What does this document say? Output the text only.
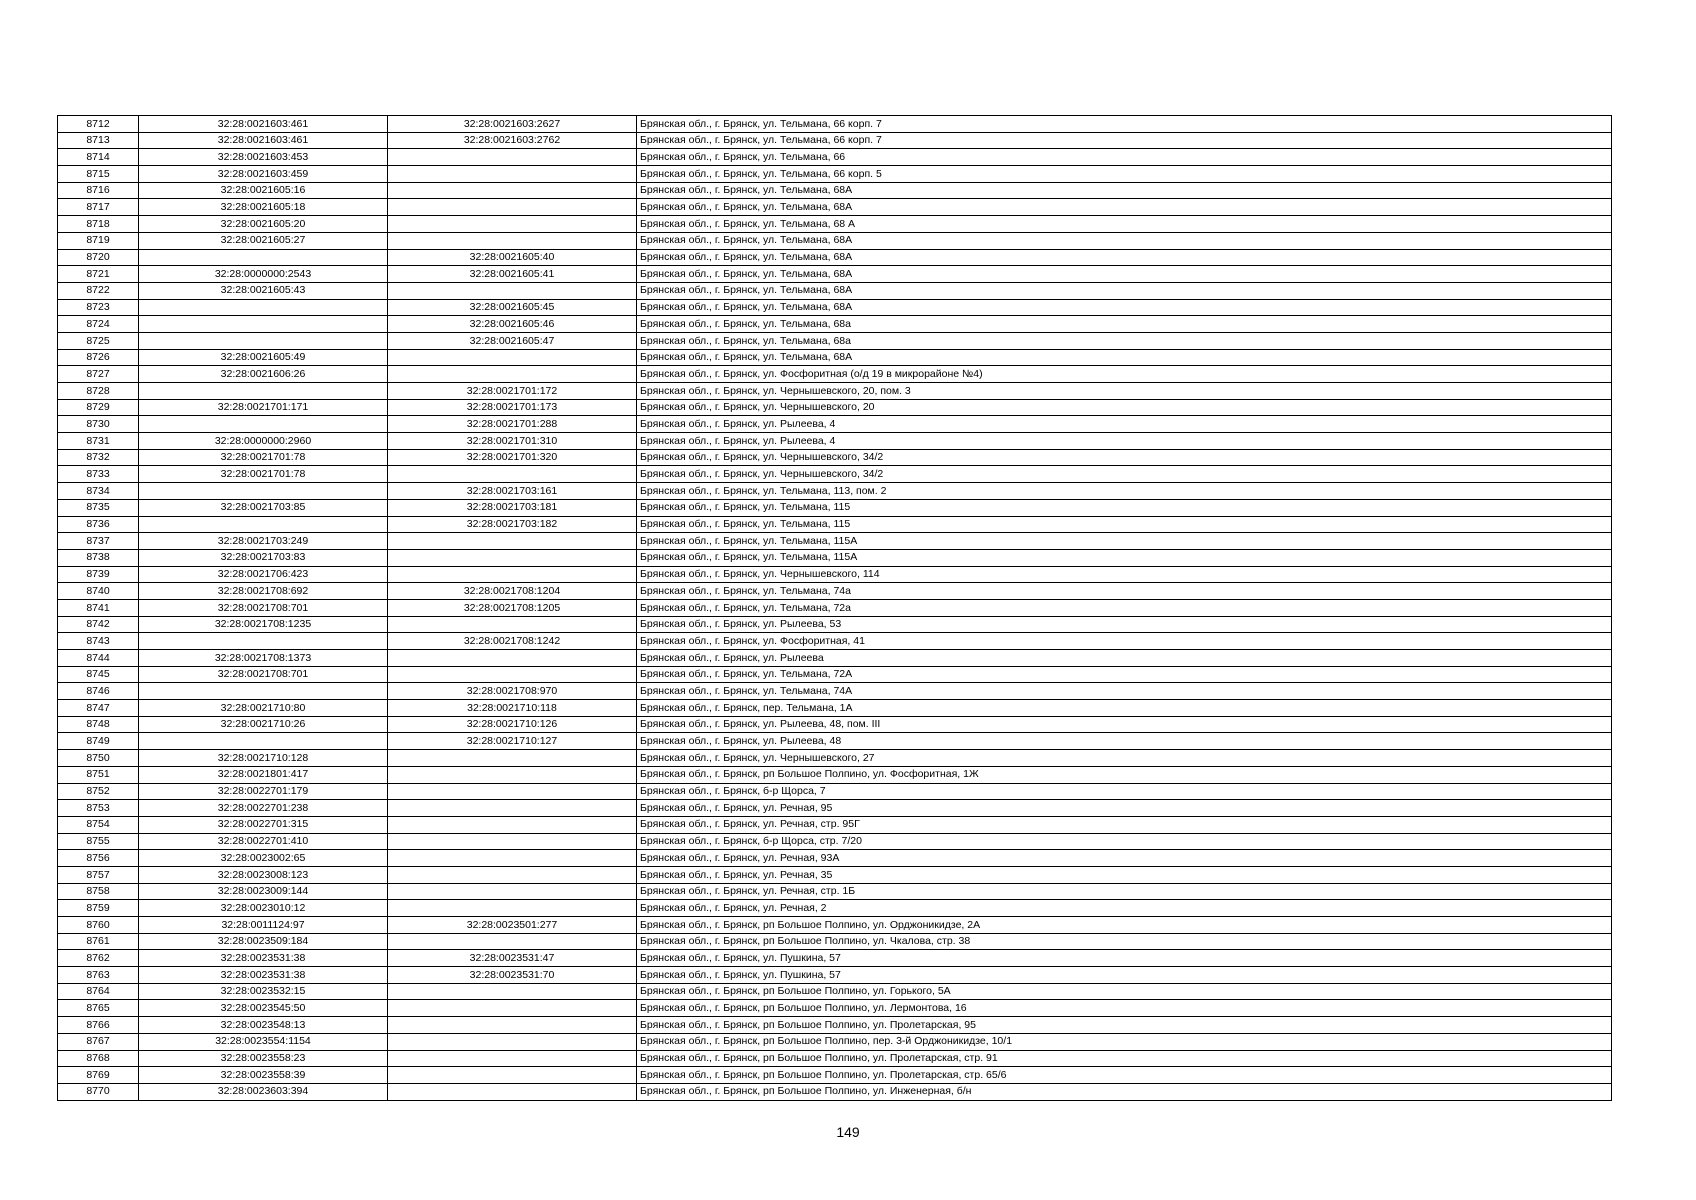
8712	32:28:0021603:461	32:28:0021603:2627	Брянская обл., г. Брянск, ул. Тельмана, 66 корп. 7
8713	32:28:0021603:461	32:28:0021603:2762	Брянская обл., г. Брянск, ул. Тельмана, 66 корп. 7
8714	32:28:0021603:453		Брянская обл., г. Брянск, ул. Тельмана, 66
8715	32:28:0021603:459		Брянская обл., г. Брянск, ул. Тельмана, 66 корп. 5
8716	32:28:0021605:16		Брянская обл., г. Брянск, ул. Тельмана, 68А
8717	32:28:0021605:18		Брянская обл., г. Брянск, ул. Тельмана, 68А
8718	32:28:0021605:20		Брянская обл., г. Брянск, ул. Тельмана, 68 А
8719	32:28:0021605:27		Брянская обл., г. Брянск, ул. Тельмана, 68А
8720		32:28:0021605:40	Брянская обл., г. Брянск, ул. Тельмана, 68А
8721	32:28:0000000:2543	32:28:0021605:41	Брянская обл., г. Брянск, ул. Тельмана, 68А
8722	32:28:0021605:43		Брянская обл., г. Брянск, ул. Тельмана, 68А
8723		32:28:0021605:45	Брянская обл., г. Брянск, ул. Тельмана, 68А
8724		32:28:0021605:46	Брянская обл., г. Брянск, ул. Тельмана, 68а
8725		32:28:0021605:47	Брянская обл., г. Брянск, ул. Тельмана, 68а
8726	32:28:0021605:49		Брянская обл., г. Брянск, ул. Тельмана, 68А
8727	32:28:0021606:26		Брянская обл., г. Брянск, ул. Фосфоритная (о/д 19 в микрорайоне №4)
8728		32:28:0021701:172	Брянская обл., г. Брянск, ул. Чернышевского, 20, пом. 3
8729	32:28:0021701:171	32:28:0021701:173	Брянская обл., г. Брянск, ул. Чернышевского, 20
8730		32:28:0021701:288	Брянская обл., г. Брянск, ул. Рылеева, 4
8731	32:28:0000000:2960	32:28:0021701:310	Брянская обл., г. Брянск, ул. Рылеева, 4
8732	32:28:0021701:78	32:28:0021701:320	Брянская обл., г. Брянск, ул. Чернышевского, 34/2
8733	32:28:0021701:78		Брянская обл., г. Брянск, ул. Чернышевского, 34/2
8734		32:28:0021703:161	Брянская обл., г. Брянск, ул. Тельмана, 113, пом. 2
8735	32:28:0021703:85	32:28:0021703:181	Брянская обл., г. Брянск, ул. Тельмана, 115
8736		32:28:0021703:182	Брянская обл., г. Брянск, ул. Тельмана, 115
8737	32:28:0021703:249		Брянская обл., г. Брянск, ул. Тельмана, 115А
8738	32:28:0021703:83		Брянская обл., г. Брянск, ул. Тельмана, 115А
8739	32:28:0021706:423		Брянская обл., г. Брянск, ул. Чернышевского, 114
8740	32:28:0021708:692	32:28:0021708:1204	Брянская обл., г. Брянск, ул. Тельмана, 74а
8741	32:28:0021708:701	32:28:0021708:1205	Брянская обл., г. Брянск, ул. Тельмана, 72а
8742	32:28:0021708:1235		Брянская обл., г. Брянск, ул. Рылеева, 53
8743		32:28:0021708:1242	Брянская обл., г. Брянск, ул. Фосфоритная, 41
8744	32:28:0021708:1373		Брянская обл., г. Брянск, ул. Рылеева
8745	32:28:0021708:701		Брянская обл., г. Брянск, ул. Тельмана, 72А
8746		32:28:0021708:970	Брянская обл., г. Брянск, ул. Тельмана, 74А
8747	32:28:0021710:80	32:28:0021710:118	Брянская обл., г. Брянск, пер. Тельмана, 1А
8748	32:28:0021710:26	32:28:0021710:126	Брянская обл., г. Брянск, ул. Рылеева, 48, пом. III
8749		32:28:0021710:127	Брянская обл., г. Брянск, ул. Рылеева, 48
8750	32:28:0021710:128		Брянская обл., г. Брянск, ул. Чернышевского, 27
8751	32:28:0021801:417		Брянская обл., г. Брянск, рп Большое Полпино, ул. Фосфоритная, 1Ж
8752	32:28:0022701:179		Брянская обл., г. Брянск, б-р Щорса, 7
8753	32:28:0022701:238		Брянская обл., г. Брянск, ул. Речная, 95
8754	32:28:0022701:315		Брянская обл., г. Брянск, ул. Речная, стр. 95Г
8755	32:28:0022701:410		Брянская обл., г. Брянск, б-р Щорса, стр. 7/20
8756	32:28:0023002:65		Брянская обл., г. Брянск, ул. Речная, 93А
8757	32:28:0023008:123		Брянская обл., г. Брянск, ул. Речная, 35
8758	32:28:0023009:144		Брянская обл., г. Брянск, ул. Речная, стр. 1Б
8759	32:28:0023010:12		Брянская обл., г. Брянск, ул. Речная, 2
8760	32:28:0011124:97	32:28:0023501:277	Брянская обл., г. Брянск, рп Большое Полпино, ул. Орджоникидзе, 2А
8761	32:28:0023509:184		Брянская обл., г. Брянск, рп Большое Полпино, ул. Чкалова, стр. 38
8762	32:28:0023531:38	32:28:0023531:47	Брянская обл., г. Брянск, ул. Пушкина, 57
8763	32:28:0023531:38	32:28:0023531:70	Брянская обл., г. Брянск, ул. Пушкина, 57
8764	32:28:0023532:15		Брянская обл., г. Брянск, рп Большое Полпино, ул. Горького, 5А
8765	32:28:0023545:50		Брянская обл., г. Брянск, рп Большое Полпино, ул. Лермонтова, 16
8766	32:28:0023548:13		Брянская обл., г. Брянск, рп Большое Полпино, ул. Пролетарская, 95
8767	32:28:0023554:1154		Брянская обл., г. Брянск, рп Большое Полпино, пер. 3-й Орджоникидзе, 10/1
8768	32:28:0023558:23		Брянская обл., г. Брянск, рп Большое Полпино, ул. Пролетарская, стр. 91
8769	32:28:0023558:39		Брянская обл., г. Брянск, рп Большое Полпино, ул. Пролетарская, стр. 65/6
8770	32:28:0023603:394		Брянская обл., г. Брянск, рп Большое Полпино, ул. Инженерная, б/н
149
